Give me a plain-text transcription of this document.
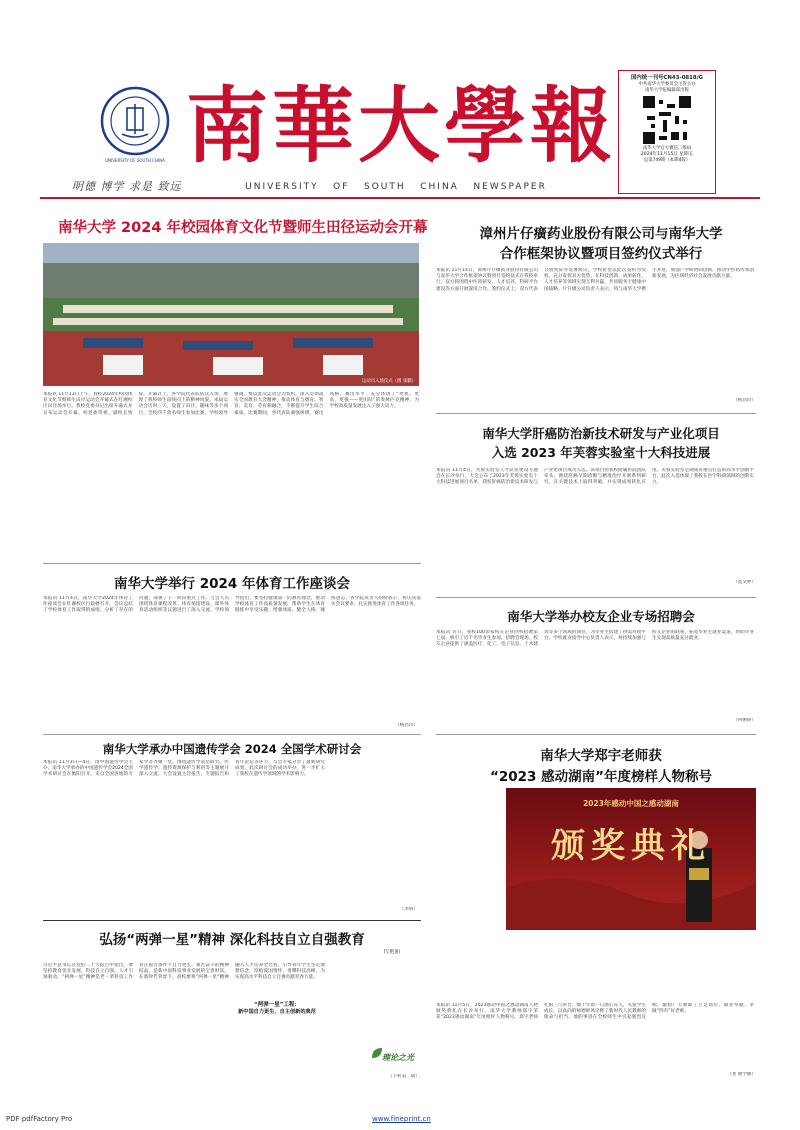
UNIVERSITY OF SOUTH CHINA
明德 博学 求是 致远
南華大學報
UNIVERSITY   OF   SOUTH   CHINA   NEWSPAPER
国内统一刊号CN43-0818/G
中共南华大学委员会主管主办
南华大学报编辑部出版
南华大学官方微信二维码
2024年11月15日 星期五
总第749期（本期4版）
南华大学 2024 年校园体育文化节暨师生田径运动会开幕
运动员入场仪式（摄 张鹏）
本报讯 11月13日上午，我校2024年校园体育文化节暨师生田径运动会开幕式在红湘校区田径场举行。我校党委书记出席开幕式并宣布运动会开幕。校党委常委、副校长致辞。开幕式上，各学院代表队依次入场，展现了我校师生昂扬向上的精神风貌。本届运动会历时三天，设置了田径、趣味等多个项目，全校四千余名师生参加比赛。学校领导强调，要以此次运动会为契机，深入贯彻落实全国教育大会精神，推动体育与德育、智育、美育、劳育相融合，不断提升学生综合素质。比赛期间，各代表队顽强拼搏、赛出风格、赛出水平，充分体现了“更快、更高、更强——更团结”的奥林匹克精神，为学校高质量发展注入了强大动力。
漳州片仔癀药业股份有限公司与南华大学
合作框架协议暨项目签约仪式举行
本报讯 11月14日，漳州片仔癀药业股份有限公司与南华大学合作框架协议暨项目签约仪式在我校举行。双方将围绕中医药研发、人才培养、科研平台建设等方面开展深度合作。签约仪式上，双方代表分别致辞并签署协议。学校希望以此次签约为契机，充分发挥双方优势，在科技创新、成果转化、人才培养等领域实现互利共赢，共同服务于健康中国战略。片仔癀公司负责人表示，将与南华大学携手并进，加强产学研协同创新，推动中医药传承创新发展，为区域经济社会发展贡献力量。
（杨昌玲）
南华大学肝癌防治新技术研发与产业化项目
入选 2023 年芙蓉实验室十大科技进展
本报讯 11月4日，芙蓉实验室人才队伍建设专题会在长沙举行，大会公布了2023年芙蓉实验室十大科技进展项目名单，我校肝癌防治新技术研发与产业化项目成功入选。该项目由我校附属医院团队牵头，围绕肝癌早期诊断与精准治疗开展系列研究，在关键技术上取得突破，并实现成果转化应用。芙蓉实验室是湖南省重点打造的高水平创新平台，此次入选体现了我校在医学科研领域的创新实力。
（莫文婷）
南华大学举行 2024 年体育工作座谈会
本报讯 11月4日，南华大学2024年体育工作座谈会在红湘校区行政楼召开。会议总结了学校体育工作取得的成绩，分析了存在的问题，部署了下一阶段重点工作。与会人员围绕体育课程改革、体育场馆建设、课外体育活动组织等议题进行了深入交流。学校领导指出，要坚持健康第一的教育理念，推动学校体育工作高质量发展，帮助学生在体育锻炼中享受乐趣、增强体质、健全人格、锤炼意志。各学院负责人纷纷表示，将认真落实会议要求，扎实推进体育工作各项任务。
（杨昌玲）
南华大学举办校友企业专场招聘会
本报讯 近日，我校100余家校友企业回校招聘第七届，吸引了近千名毕业生参加。招聘会现场，校友企业提供了涵盖医疗、化工、电子信息、土木建筑等多个领域的岗位，为毕业生搭建了供需对接平台。学校就业指导中心负责人表示，将持续加强与校友企业的联系，拓宽毕业生就业渠道，帮助毕业生实现高质量充分就业。
（何俐铮）
南华大学承办中国遗传学会 2024 全国学术研讨会
本报讯 11月3日—4日，由中国遗传学会主办、南华大学承办的中国遗传学会2024全国学术研讨会在衡阳召开。来自全国各地的专家学者齐聚一堂，围绕遗传学前沿研究、医学遗传学、遗传资源保护与利用等主题展开深入交流。大会设置主旨报告、专题报告和青年论坛等环节，与会专家分享了最新研究成果。此次研讨会的成功举办，进一步扩大了我校在遗传学领域的学术影响力。
（李明）
南华大学郑宇老师获
“2023 感动湖南”年度榜样人物称号
2023年感动中国之感动湖南
颁奖典礼
本报讯 11月5日，2023感动中国之感动湖南人物颁奖典礼在长沙举行。南华大学教师郑宇荣获“2023感动湖南”年度榜样人物称号。郑宇老师扎根三尺讲台，数十年如一日潜心育人，关爱学生成长，以高尚的师德师风诠释了新时代人民教师的使命与担当。他的事迹在全校师生中引起强烈反响，激励广大教职工立足岗位、敬业奉献、争做“四有”好老师。
（尧 曲学丽）
弘扬“两弹一星”精神 深化科技自立自强教育
代艳丽
习近平总书记在党的二十大报告中指出，要坚持教育优先发展、科技自立自强、人才引领驱动。“两弹一星”精神是老一辈科技工作者在艰苦条件下自力更生、艰苦奋斗的精神结晶，是新中国科技事业发展的宝贵财富。在新时代背景下，高校要将“两弹一星”精神融入人才培养全过程，引导青年学生坚定理想信念，厚植爱国情怀，勇攀科技高峰，为实现高水平科技自立自强贡献青春力量。
“两弹一星”工程：
新中国自力更生、自主创新的典范
理论之光
（下转第二版）
PDF pdfFactory Pro	www.fineprint.cn
